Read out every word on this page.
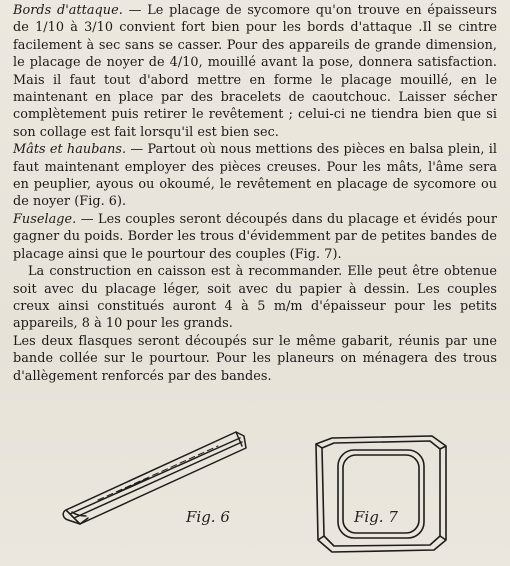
Bords d'attaque. — Le placage de sycomore qu'on trouve en épaisseurs de 1/10 à 3/10 convient fort bien pour les bords d'attaque .Il se cintre facilement à sec sans se casser. Pour des appareils de grande dimension, le placage de noyer de 4/10, mouillé avant la pose, donnera satisfaction. Mais il faut tout d'abord mettre en forme le placage mouillé, en le maintenant en place par des bracelets de caoutchouc. Laisser sécher complètement puis retirer le revêtement ; celui-ci ne tiendra bien que si son collage est fait lorsqu'il est bien sec.

Mâts et haubans. — Partout où nous mettions des pièces en balsa plein, il faut maintenant employer des pièces creuses. Pour les mâts, l'âme sera en peuplier, ayous ou okoumé, le revêtement en placage de sycomore ou de noyer (Fig. 6).

Fuselage. — Les couples seront découpés dans du placage et évidés pour gagner du poids. Border les trous d'évidemment par de petites bandes de placage ainsi que le pourtour des couples (Fig. 7).

La construction en caisson est à recommander. Elle peut être obtenue soit avec du placage léger, soit avec du papier à dessin. Les couples creux ainsi constitués auront 4 à 5 m/m d'épaisseur pour les petits appareils, 8 à 10 pour les grands.

Les deux flasques seront découpés sur le même gabarit, réunis par une bande collée sur le pourtour. Pour les planeurs on ménagera des trous d'allègement renforcés par des bandes.

Fig. 6	Fig. 7
